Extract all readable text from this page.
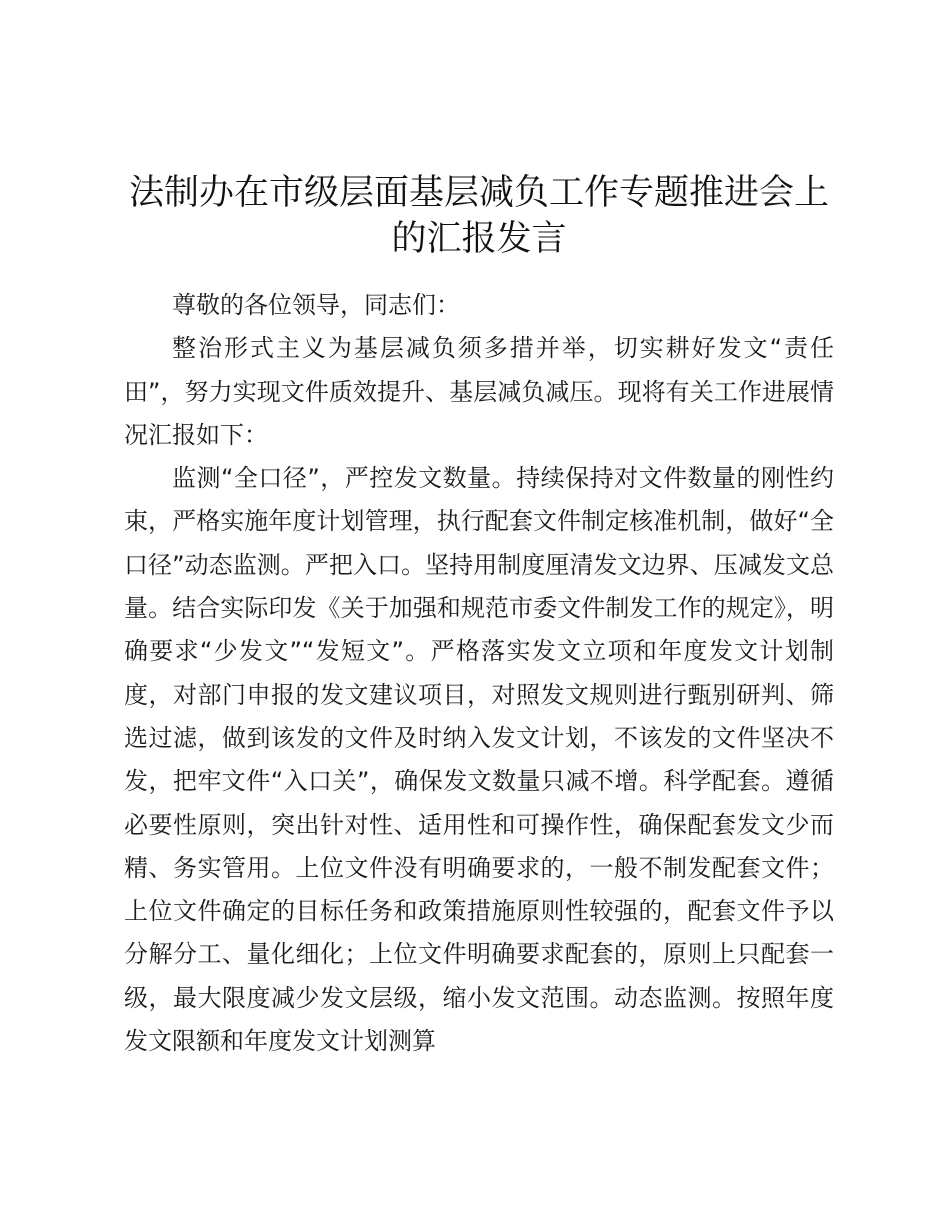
法制办在市级层面基层减负工作专题推进会上
的汇报发言

尊敬的各位领导，同志们：

整治形式主义为基层减负须多措并举，切实耕好发文“责任田”，努力实现文件质效提升、基层减负减压。现将有关工作进展情况汇报如下：

监测“全口径”，严控发文数量。持续保持对文件数量的刚性约束，严格实施年度计划管理，执行配套文件制定核准机制，做好“全口径”动态监测。严把入口。坚持用制度厘清发文边界、压减发文总量。结合实际印发《关于加强和规范市委文件制发工作的规定》，明确要求“少发文”“发短文”。严格落实发文立项和年度发文计划制度，对部门申报的发文建议项目，对照发文规则进行甄别研判、筛选过滤，做到该发的文件及时纳入发文计划，不该发的文件坚决不发，把牢文件“入口关”，确保发文数量只减不增。科学配套。遵循必要性原则，突出针对性、适用性和可操作性，确保配套发文少而精、务实管用。上位文件没有明确要求的，一般不制发配套文件；上位文件确定的目标任务和政策措施原则性较强的，配套文件予以分解分工、量化细化；上位文件明确要求配套的，原则上只配套一级，最大限度减少发文层级，缩小发文范围。动态监测。按照年度发文限额和年度发文计划测算
